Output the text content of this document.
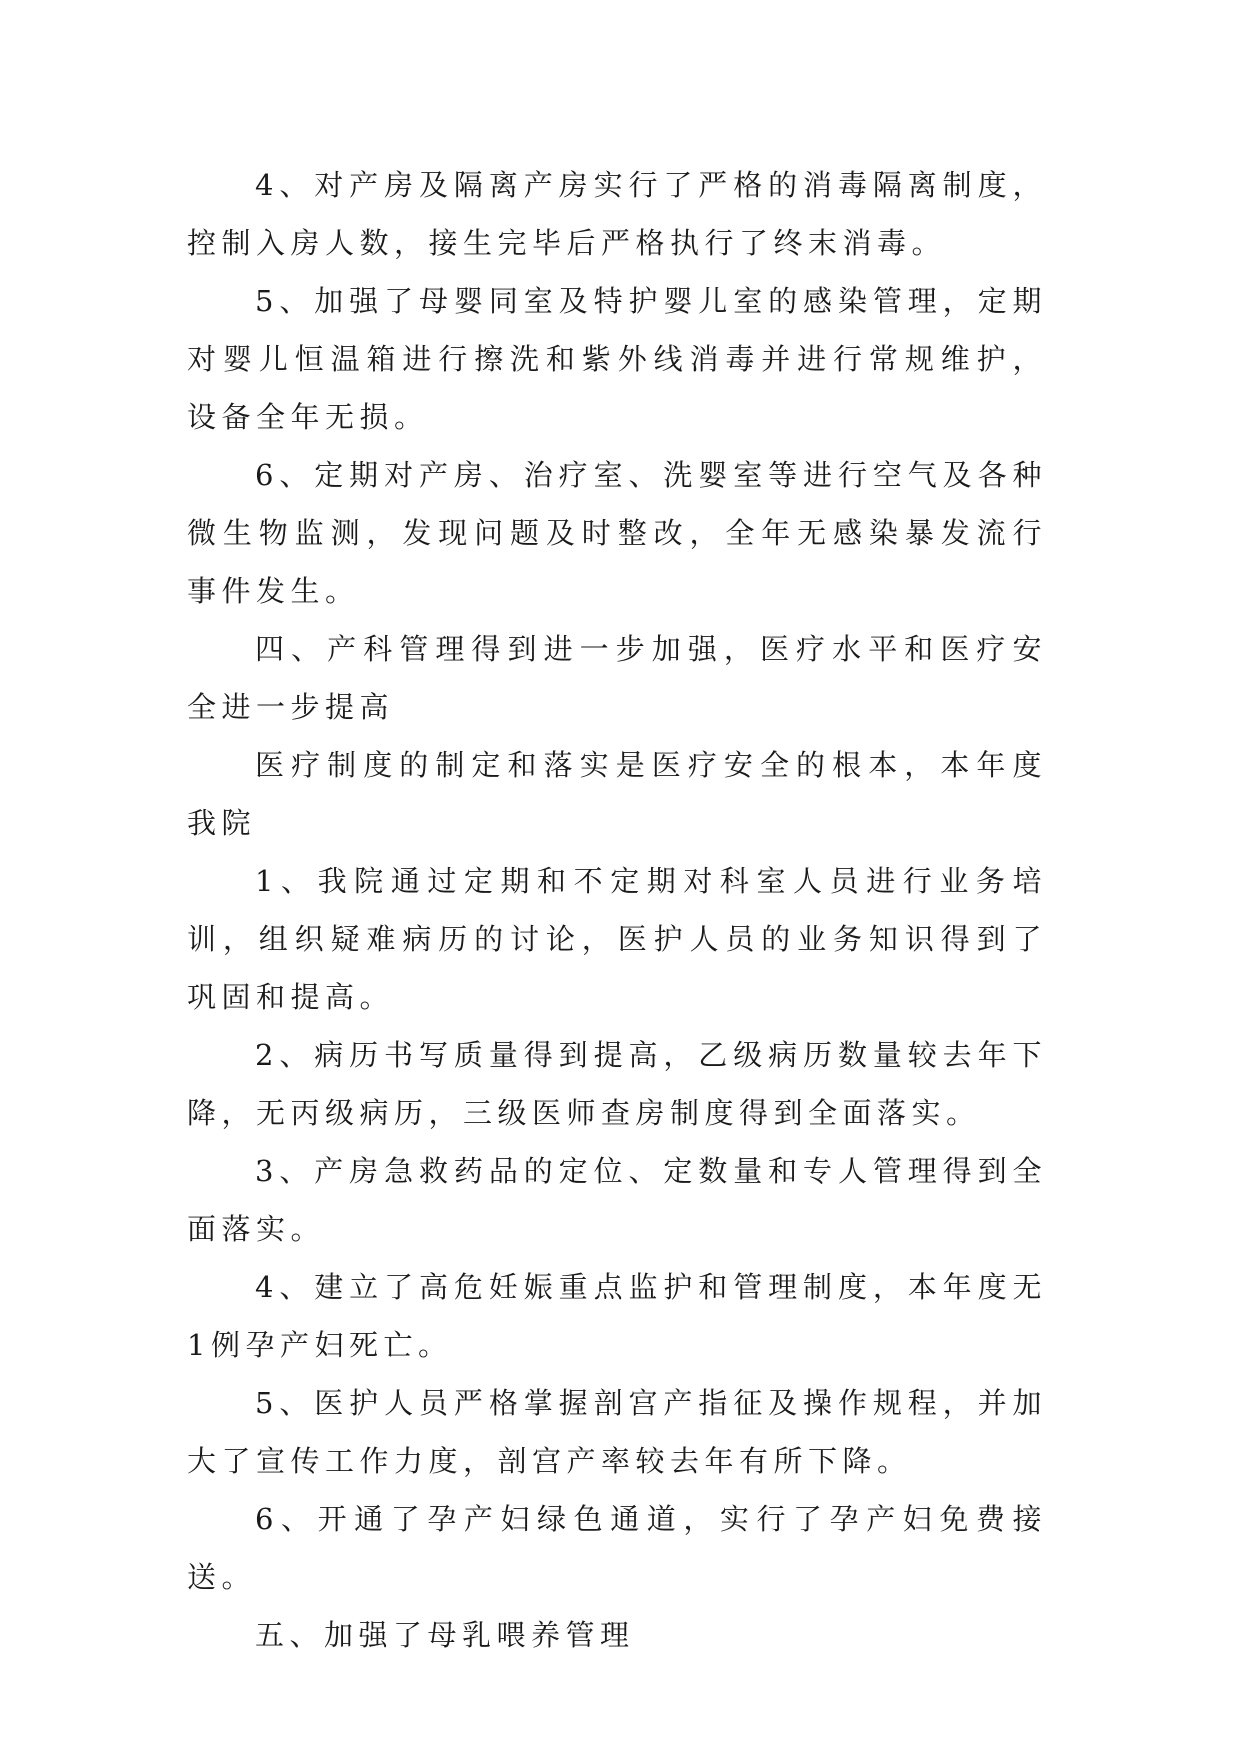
4、对产房及隔离产房实行了严格的消毒隔离制度，控制入房人数，接生完毕后严格执行了终末消毒。

5、加强了母婴同室及特护婴儿室的感染管理，定期对婴儿恒温箱进行擦洗和紫外线消毒并进行常规维护，设备全年无损。

6、定期对产房、治疗室、洗婴室等进行空气及各种微生物监测，发现问题及时整改，全年无感染暴发流行事件发生。

四、产科管理得到进一步加强，医疗水平和医疗安全进一步提高

医疗制度的制定和落实是医疗安全的根本，本年度我院

1、我院通过定期和不定期对科室人员进行业务培训，组织疑难病历的讨论，医护人员的业务知识得到了巩固和提高。

2、病历书写质量得到提高，乙级病历数量较去年下降，无丙级病历，三级医师查房制度得到全面落实。

3、产房急救药品的定位、定数量和专人管理得到全面落实。

4、建立了高危妊娠重点监护和管理制度，本年度无1例孕产妇死亡。

5、医护人员严格掌握剖宫产指征及操作规程，并加大了宣传工作力度，剖宫产率较去年有所下降。

6、开通了孕产妇绿色通道，实行了孕产妇免费接送。

五、加强了母乳喂养管理
